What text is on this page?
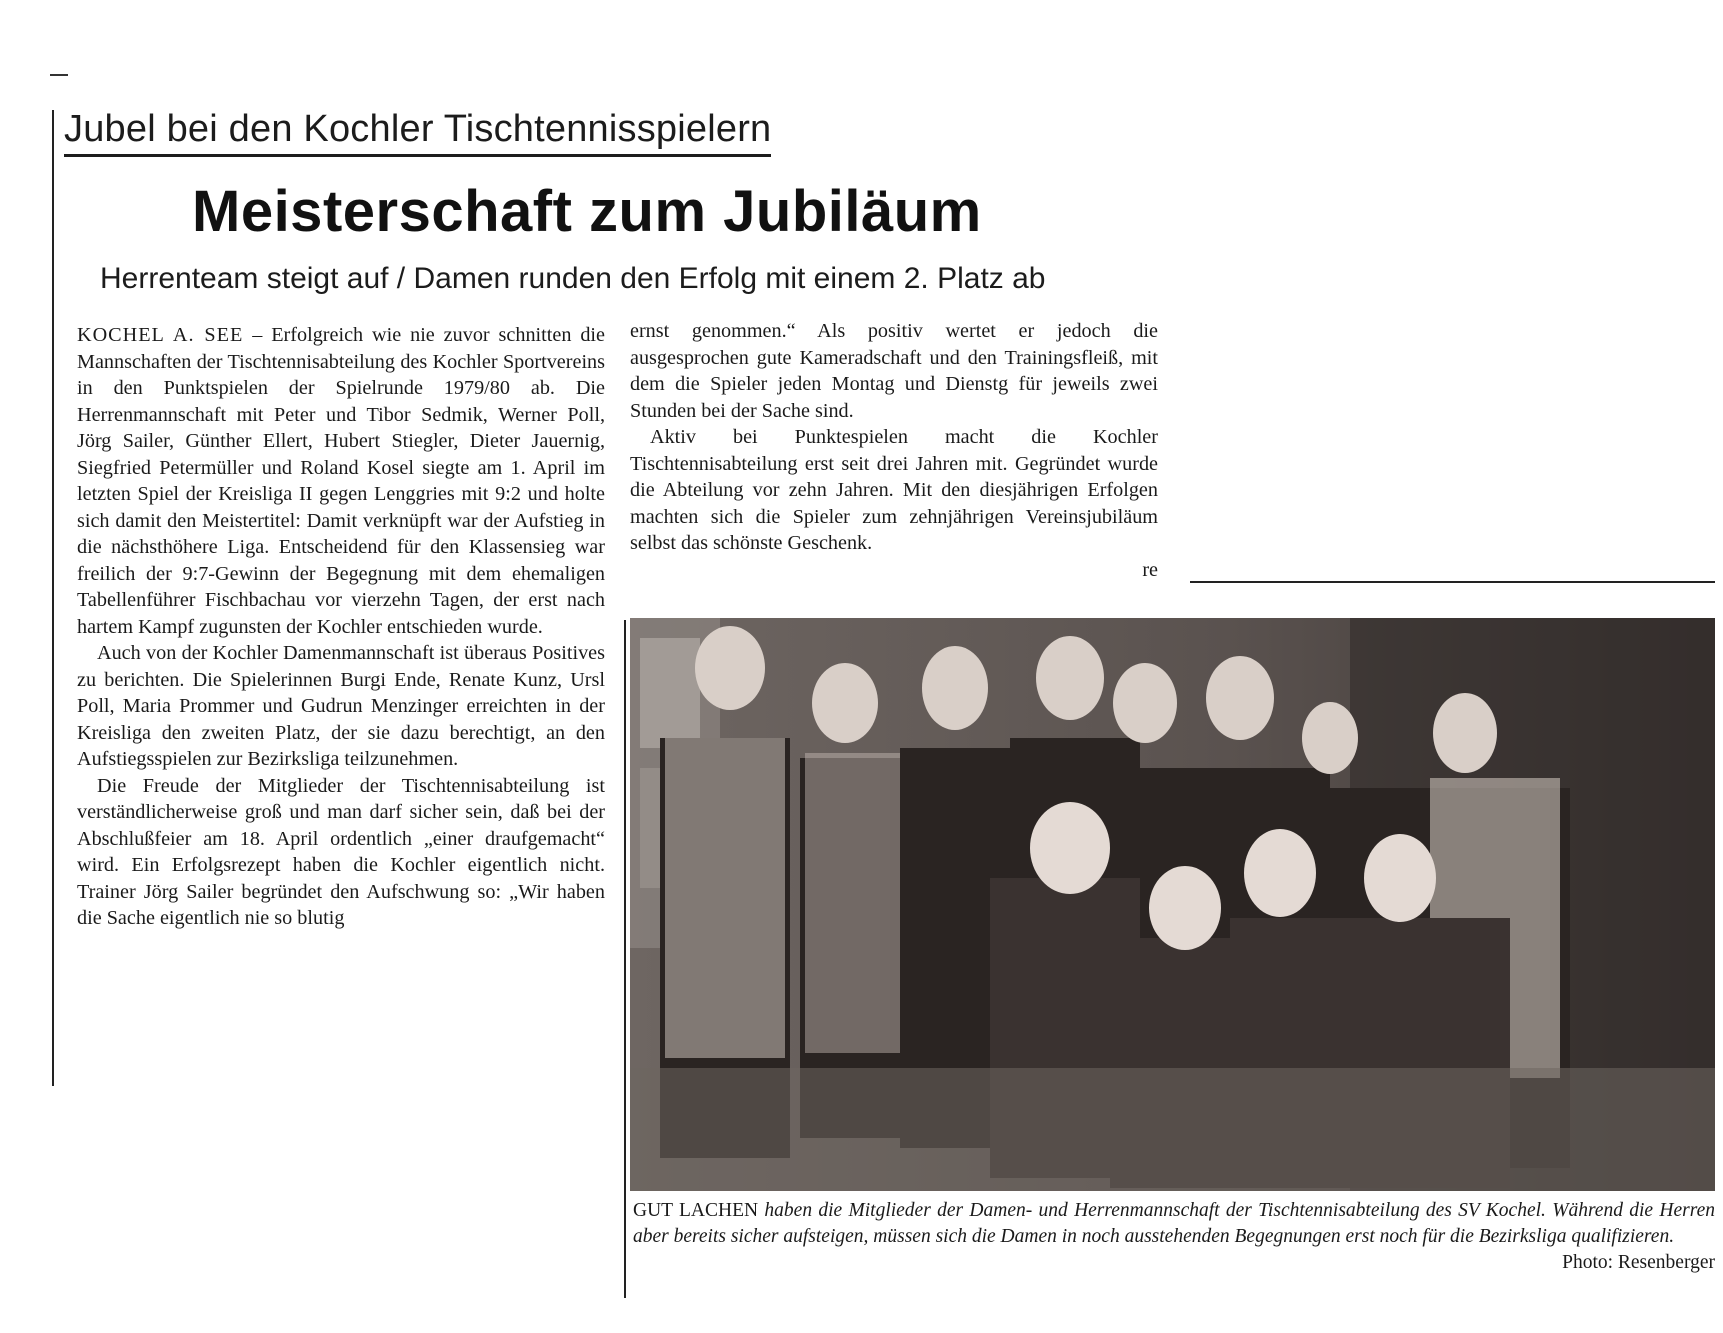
Jubel bei den Kochler Tischtennisspielern
Meisterschaft zum Jubiläum
Herrenteam steigt auf / Damen runden den Erfolg mit einem 2. Platz ab

KOCHEL A. SEE – Erfolgreich wie nie zuvor schnitten die Mannschaften der Tischtennisabteilung des Kochler Sportvereins in den Punktspielen der Spielrunde 1979/80 ab. Die Herrenmannschaft mit Peter und Tibor Sedmik, Werner Poll, Jörg Sailer, Günther Ellert, Hubert Stiegler, Dieter Jauernig, Siegfried Petermüller und Roland Kosel siegte am 1. April im letzten Spiel der Kreisliga II gegen Lenggries mit 9:2 und holte sich damit den Meistertitel: Damit verknüpft war der Aufstieg in die nächsthöhere Liga. Entscheidend für den Klassensieg war freilich der 9:7-Gewinn der Begegnung mit dem ehemaligen Tabellenführer Fischbachau vor vierzehn Tagen, der erst nach hartem Kampf zugunsten der Kochler entschieden wurde.

Auch von der Kochler Damenmannschaft ist überaus Positives zu berichten. Die Spielerinnen Burgi Ende, Renate Kunz, Ursl Poll, Maria Prommer und Gudrun Menzinger erreichten in der Kreisliga den zweiten Platz, der sie dazu berechtigt, an den Aufstiegsspielen zur Bezirksliga teilzunehmen.

Die Freude der Mitglieder der Tischtennisabteilung ist verständlicherweise groß und man darf sicher sein, daß bei der Abschlußfeier am 18. April ordentlich „einer draufgemacht“ wird. Ein Erfolgsrezept haben die Kochler eigentlich nicht. Trainer Jörg Sailer begründet den Aufschwung so: „Wir haben die Sache eigentlich nie so blutig

ernst genommen.“ Als positiv wertet er jedoch die ausgesprochen gute Kameradschaft und den Trainingsfleiß, mit dem die Spieler jeden Montag und Dienstg für jeweils zwei Stunden bei der Sache sind.

Aktiv bei Punktespielen macht die Kochler Tischtennisabteilung erst seit drei Jahren mit. Gegründet wurde die Abteilung vor zehn Jahren. Mit den diesjährigen Erfolgen machten sich die Spieler zum zehnjährigen Vereinsjubiläum selbst das schönste Geschenk.

re
GUT LACHEN haben die Mitglieder der Damen- und Herrenmannschaft der Tischtennisabteilung des SV Kochel. Während die Herren aber bereits sicher aufsteigen, müssen sich die Damen in noch ausstehenden Begegnungen erst noch für die Bezirksliga qualifizieren.
Photo: Resenberger
